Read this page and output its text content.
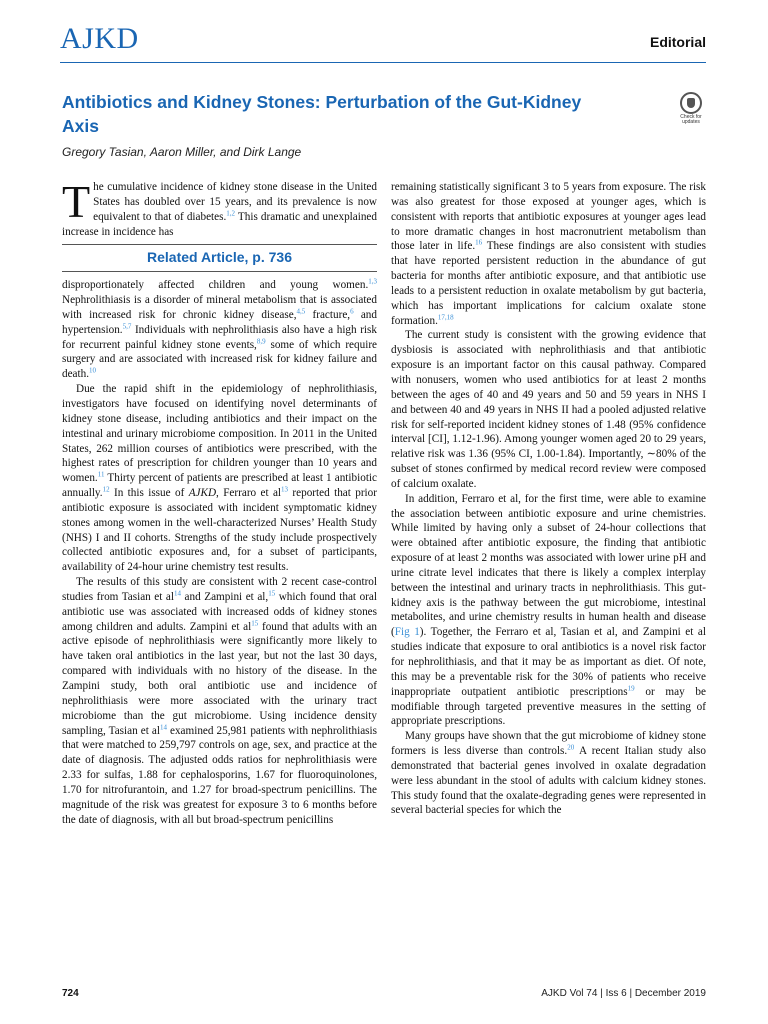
AJKD	Editorial
Antibiotics and Kidney Stones: Perturbation of the Gut-Kidney Axis	Check for updates

Gregory Tasian, Aaron Miller, and Dirk Lange

The cumulative incidence of kidney stone disease in the United States has doubled over 15 years, and its prevalence is now equivalent to that of diabetes.$^{1,2}$ This dramatic and unexplained increase in incidence has

Related Article, p. 736

disproportionately affected children and young women.$^{1,3}$ Nephrolithiasis is a disorder of mineral metabolism that is associated with increased risk for chronic kidney disease,$^{4,5}$ fracture,$^6$ and hypertension.$^{5,7}$ Individuals with nephrolithiasis also have a high risk for recurrent painful kidney stone events,$^{8,9}$ some of which require surgery and are associated with increased risk for kidney failure and death.$^{10}$

Due the rapid shift in the epidemiology of nephrolithiasis, investigators have focused on identifying novel determinants of kidney stone disease, including antibiotics and their impact on the intestinal and urinary microbiome composition. In 2011 in the United States, 262 million courses of antibiotics were prescribed, with the highest rates of prescription for children younger than 10 years and women.$^{11}$ Thirty percent of patients are prescribed at least 1 antibiotic annually.$^{12}$ In this issue of AJKD, Ferraro et $al^{13}$ reported that prior antibiotic exposure is associated with incident symptomatic kidney stones among women in the well-characterized Nurses’ Health Study (NHS) I and II cohorts. Strengths of the study include prospectively collected antibiotic exposures and, for a subset of participants, availability of 24-hour urine chemistry test results.

The results of this study are consistent with 2 recent case-control studies from Tasian et $al^{14}$ and Zampini et al,$^{15}$ which found that oral antibiotic use was associated with increased odds of kidney stones among children and adults. Zampini et $al^{15}$ found that adults with an active episode of nephrolithiasis were significantly more likely to have taken oral antibiotics in the last year, but not the last 30 days, compared with individuals with no history of the disease. In the Zampini study, both oral antibiotic use and incidence of nephrolithiasis were more associated with the urinary tract microbiome than the gut microbiome. Using incidence density sampling, Tasian et $al^{14}$ examined 25,981 patients with nephrolithiasis that were matched to 259,797 controls on age, sex, and practice at the date of diagnosis. The adjusted odds ratios for nephrolithiasis were 2.33 for sulfas, 1.88 for cephalosporins, 1.67 for fluoroquinolones, 1.70 for nitrofurantoin, and 1.27 for broad-spectrum penicillins. The magnitude of the risk was greatest for exposure 3 to 6 months before the date of diagnosis, with all but broad-spectrum penicillins

remaining statistically significant 3 to 5 years from exposure. The risk was also greatest for those exposed at younger ages, which is consistent with reports that antibiotic exposures at younger ages lead to more dramatic changes in host macronutrient metabolism than those later in life.$^{16}$ These findings are also consistent with studies that have reported persistent reduction in the abundance of gut bacteria for months after antibiotic exposure, and that antibiotic use leads to a persistent reduction in oxalate metabolism by gut bacteria, which has important implications for calcium oxalate stone formation.$^{17,18}$

The current study is consistent with the growing evidence that dysbiosis is associated with nephrolithiasis and that antibiotic exposure is an important factor on this causal pathway. Compared with nonusers, women who used antibiotics for at least 2 months between the ages of 40 and 49 years and 50 and 59 years in NHS I and between 40 and 49 years in NHS II had a pooled adjusted relative risk for self-reported incident kidney stones of 1.48 (95% confidence interval [CI], 1.12-1.96). Among younger women aged 20 to 29 years, relative risk was 1.36 (95% CI, 1.00-1.84). Importantly, ∼80% of the subset of stones confirmed by medical record review were composed of calcium oxalate.

In addition, Ferraro et al, for the first time, were able to examine the association between antibiotic exposure and urine chemistries. While limited by having only a subset of 24-hour collections that were obtained after antibiotic exposure, the finding that antibiotic exposure of at least 2 months was associated with lower urine pH and urine citrate level indicates that there is likely a complex interplay between the intestinal and urinary tracts in nephrolithiasis. This gut-kidney axis is the pathway between the gut microbiome, intestinal metabolites, and urine chemistry results in human health and disease (Fig 1). Together, the Ferraro et al, Tasian et al, and Zampini et al studies indicate that exposure to oral antibiotics is a novel risk factor for nephrolithiasis, and that it may be as important as diet. Of note, this may be a preventable risk for the 30% of patients who receive inappropriate outpatient antibiotic prescriptions$^{19}$ or may be modifiable through targeted preventive measures in the setting of appropriate prescriptions.

Many groups have shown that the gut microbiome of kidney stone formers is less diverse than controls.$^{20}$ A recent Italian study also demonstrated that bacterial genes involved in oxalate degradation were less abundant in the stool of adults with calcium kidney stones. This study found that the oxalate-degrading genes were represented in several bacterial species for which the

724	AJKD Vol 74 | Iss 6 | December 2019
